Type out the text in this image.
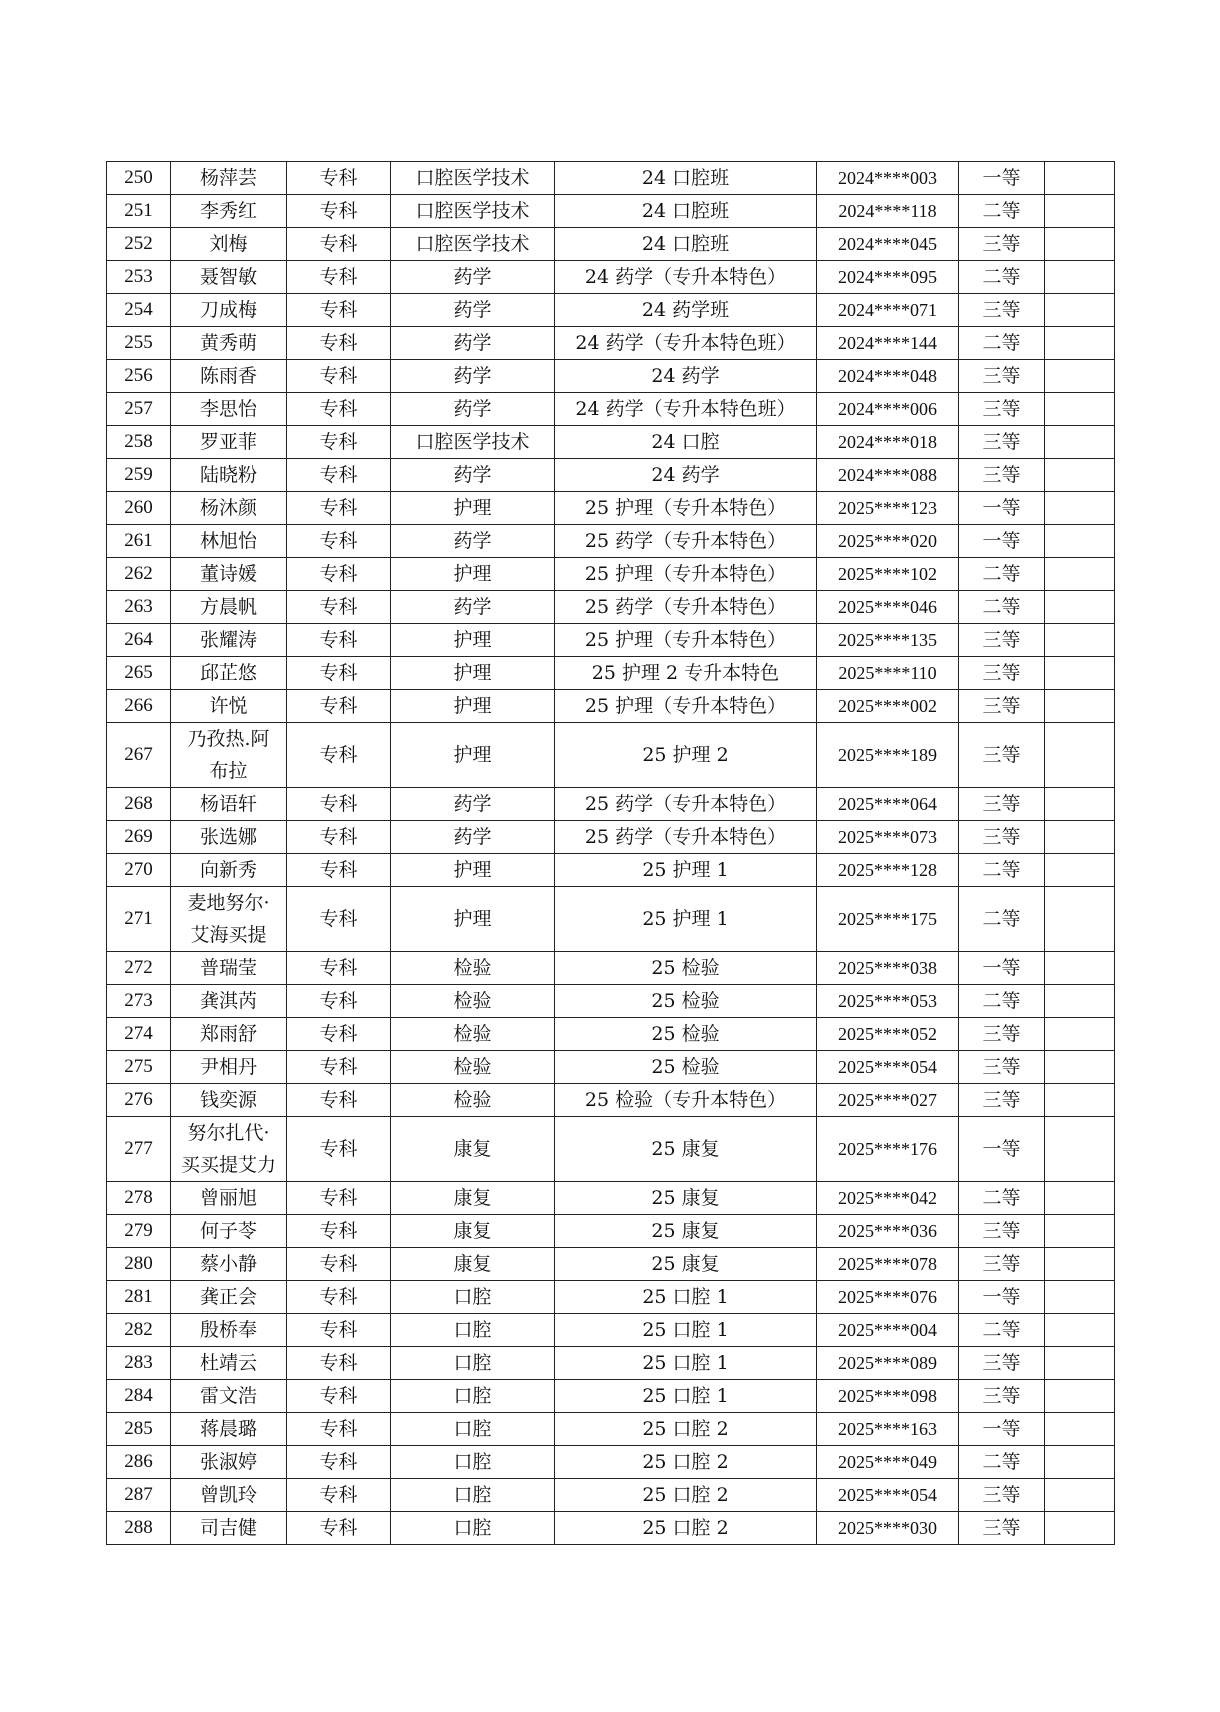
250	杨萍芸	专科	口腔医学技术	24 口腔班	2024****003	一等	
251	李秀红	专科	口腔医学技术	24 口腔班	2024****118	二等	
252	刘梅	专科	口腔医学技术	24 口腔班	2024****045	三等	
253	聂智敏	专科	药学	24 药学（专升本特色）	2024****095	二等	
254	刀成梅	专科	药学	24 药学班	2024****071	三等	
255	黄秀萌	专科	药学	24 药学（专升本特色班）	2024****144	二等	
256	陈雨香	专科	药学	24 药学	2024****048	三等	
257	李思怡	专科	药学	24 药学（专升本特色班）	2024****006	三等	
258	罗亚菲	专科	口腔医学技术	24 口腔	2024****018	三等	
259	陆晓粉	专科	药学	24 药学	2024****088	三等	
260	杨沐颜	专科	护理	25 护理（专升本特色）	2025****123	一等	
261	林旭怡	专科	药学	25 药学（专升本特色）	2025****020	一等	
262	董诗媛	专科	护理	25 护理（专升本特色）	2025****102	二等	
263	方晨帆	专科	药学	25 药学（专升本特色）	2025****046	二等	
264	张耀涛	专科	护理	25 护理（专升本特色）	2025****135	三等	
265	邱芷悠	专科	护理	25 护理 2 专升本特色	2025****110	三等	
266	许悦	专科	护理	25 护理（专升本特色）	2025****002	三等	
267	乃孜热.阿布拉	专科	护理	25 护理 2	2025****189	三等	
268	杨语轩	专科	药学	25 药学（专升本特色）	2025****064	三等	
269	张选娜	专科	药学	25 药学（专升本特色）	2025****073	三等	
270	向新秀	专科	护理	25 护理 1	2025****128	二等	
271	麦地努尔·艾海买提	专科	护理	25 护理 1	2025****175	二等	
272	普瑞莹	专科	检验	25 检验	2025****038	一等	
273	龚淇芮	专科	检验	25 检验	2025****053	二等	
274	郑雨舒	专科	检验	25 检验	2025****052	三等	
275	尹相丹	专科	检验	25 检验	2025****054	三等	
276	钱奕源	专科	检验	25 检验（专升本特色）	2025****027	三等	
277	努尔扎代·买买提艾力	专科	康复	25 康复	2025****176	一等	
278	曾丽旭	专科	康复	25 康复	2025****042	二等	
279	何子苓	专科	康复	25 康复	2025****036	三等	
280	蔡小静	专科	康复	25 康复	2025****078	三等	
281	龚正会	专科	口腔	25 口腔 1	2025****076	一等	
282	殷桥奉	专科	口腔	25 口腔 1	2025****004	二等	
283	杜靖云	专科	口腔	25 口腔 1	2025****089	三等	
284	雷文浩	专科	口腔	25 口腔 1	2025****098	三等	
285	蒋晨璐	专科	口腔	25 口腔 2	2025****163	一等	
286	张淑婷	专科	口腔	25 口腔 2	2025****049	二等	
287	曾凯玲	专科	口腔	25 口腔 2	2025****054	三等	
288	司吉健	专科	口腔	25 口腔 2	2025****030	三等	
